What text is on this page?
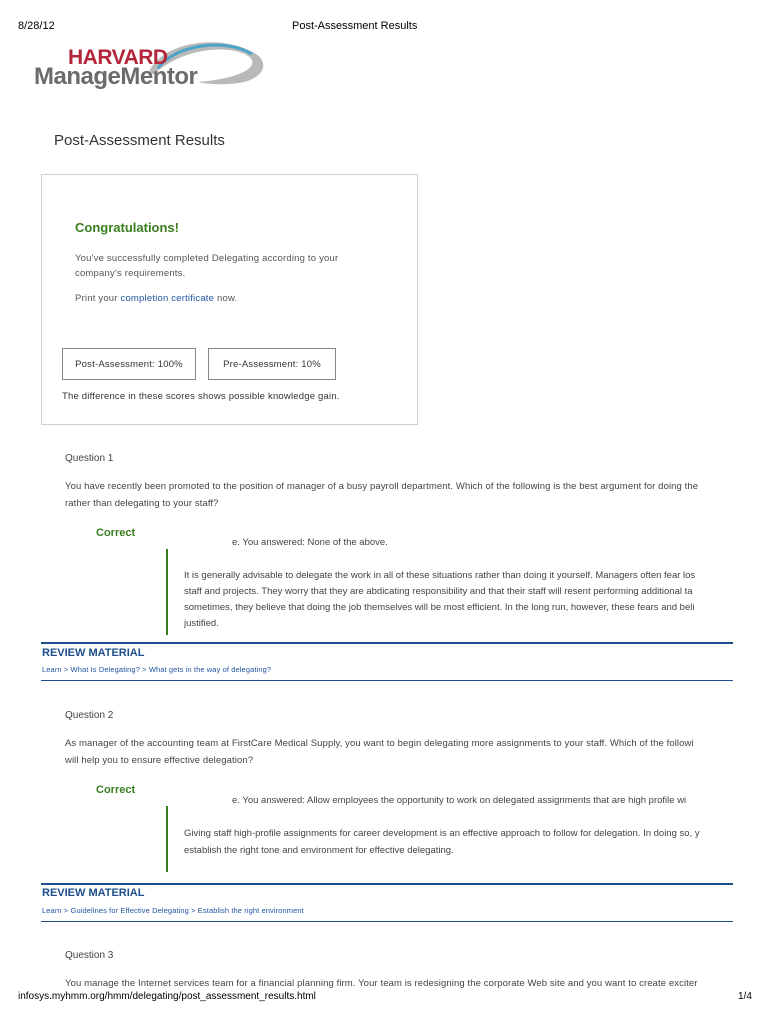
8/28/12	Post-Assessment Results
HARVARD
ManageMentor
Post-Assessment Results
Congratulations!
You've successfully completed Delegating according to your company's requirements.
Print your completion certificate now.
Post-Assessment: 100%	Pre-Assessment: 10%
The difference in these scores shows possible knowledge gain.
Question 1
You have recently been promoted to the position of manager of a busy payroll department. Which of the following is the best argument for doing the
rather than delegating to your staff?
Correct
e. You answered: None of the above.
It is generally advisable to delegate the work in all of these situations rather than doing it yourself. Managers often fear los
staff and projects. They worry that they are abdicating responsibility and that their staff will resent performing additional ta
sometimes, they believe that doing the job themselves will be most efficient. In the long run, however, these fears and beli
justified.
REVIEW MATERIAL
Learn > What Is Delegating? > What gets in the way of delegating?
Question 2
As manager of the accounting team at FirstCare Medical Supply, you want to begin delegating more assignments to your staff. Which of the followi
will help you to ensure effective delegation?
Correct
e. You answered: Allow employees the opportunity to work on delegated assignments that are high profile wi
Giving staff high-profile assignments for career development is an effective approach to follow for delegation. In doing so, y
establish the right tone and environment for effective delegating.
REVIEW MATERIAL
Learn > Guidelines for Effective Delegating > Establish the right environment
Question 3
You manage the Internet services team for a financial planning firm. Your team is redesigning the corporate Web site and you want to create exciter
infosys.myhmm.org/hmm/delegating/post_assessment_results.html	1/4
